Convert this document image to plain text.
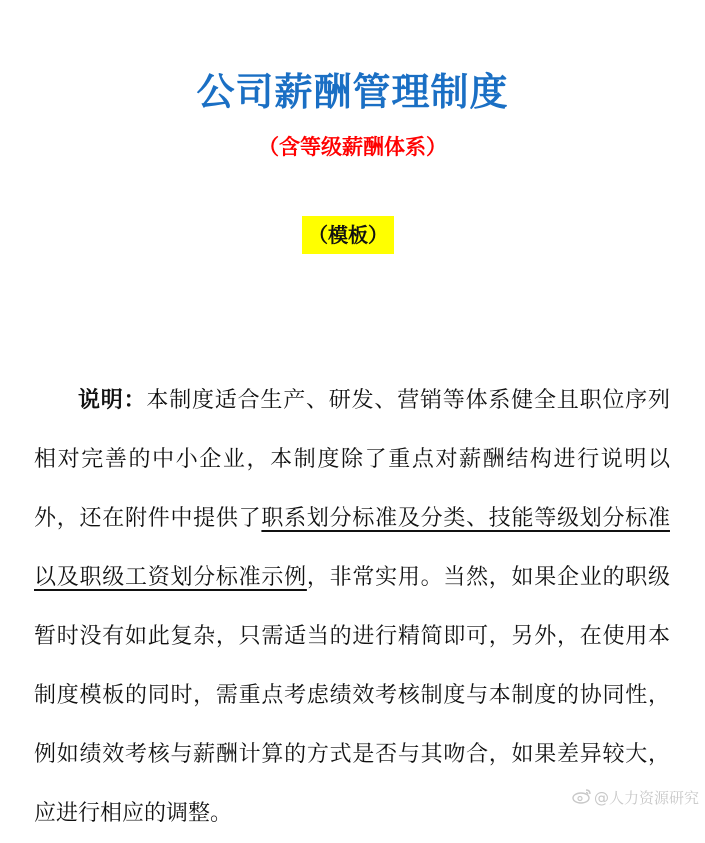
公司薪酬管理制度
（含等级薪酬体系）
（模板）

说明：本制度适合生产、研发、营销等体系健全且职位序列相对完善的中小企业，本制度除了重点对薪酬结构进行说明以外，还在附件中提供了职系划分标准及分类、技能等级划分标准以及职级工资划分标准示例，非常实用。当然，如果企业的职级暂时没有如此复杂，只需适当的进行精简即可，另外，在使用本制度模板的同时，需重点考虑绩效考核制度与本制度的协同性，例如绩效考核与薪酬计算的方式是否与其吻合，如果差异较大，应进行相应的调整。

@人力资源研究
